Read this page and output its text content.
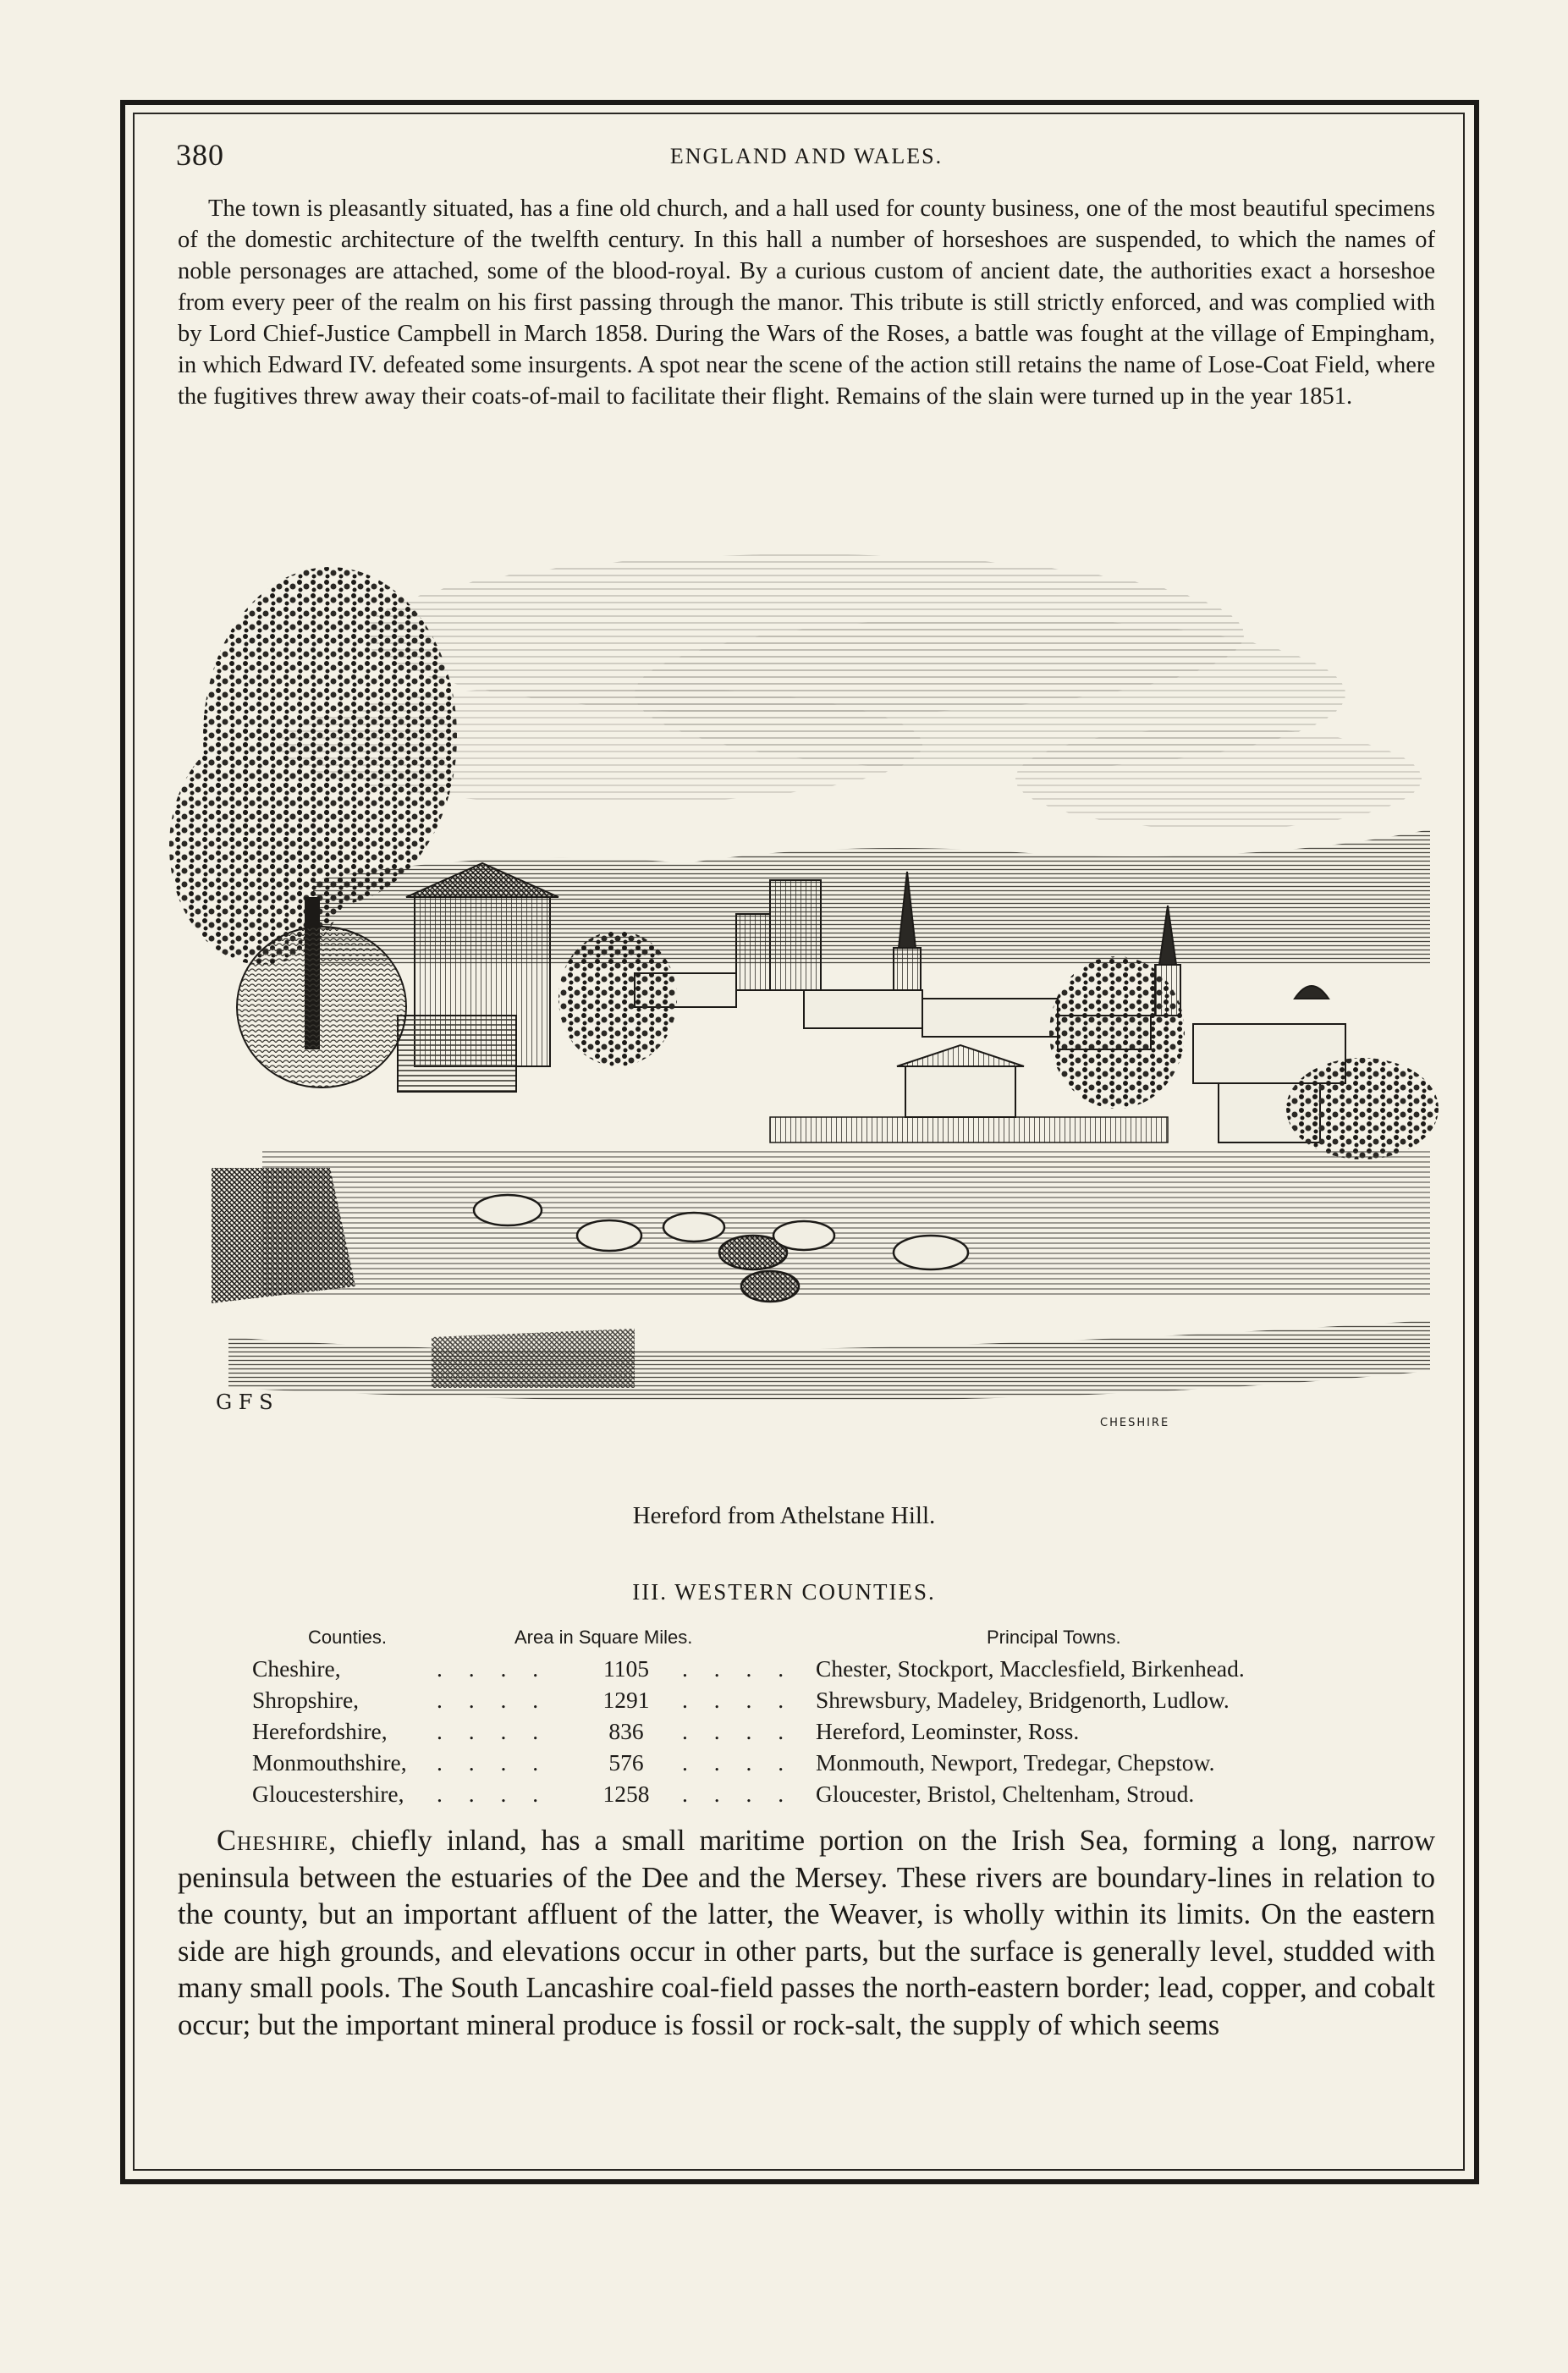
380	ENGLAND AND WALES.

The town is pleasantly situated, has a fine old church, and a hall used for county business, one of the most beautiful specimens of the domestic architecture of the twelfth century. In this hall a number of horseshoes are suspended, to which the names of noble personages are attached, some of the blood-royal. By a curious custom of ancient date, the authorities exact a horseshoe from every peer of the realm on his first passing through the manor. This tribute is still strictly enforced, and was complied with by Lord Chief-Justice Campbell in March 1858. During the Wars of the Roses, a battle was fought at the village of Empingham, in which Edward IV. defeated some insurgents. A spot near the scene of the action still retains the name of Lose-Coat Field, where the fugitives threw away their coats-of-mail to facilitate their flight. Remains of the slain were turned up in the year 1851.

G F S
CHESHIRE
Hereford from Athelstane Hill.
III. WESTERN COUNTIES.
Counties.	Area in Square Miles.	Principal Towns.
Cheshire,	. . . .	1105	. . . . Chester, Stockport, Macclesfield, Birkenhead.
Shropshire,	. . . .	1291	. . . . Shrewsbury, Madeley, Bridgenorth, Ludlow.
Herefordshire, . . . .	836	. . . . Hereford, Leominster, Ross.
Monmouthshire, . . . .	576	. . . . Monmouth, Newport, Tredegar, Chepstow.
Gloucestershire, . . . .	1258	. . . . Gloucester, Bristol, Cheltenham, Stroud.

Cheshire, chiefly inland, has a small maritime portion on the Irish Sea, forming a long, narrow peninsula between the estuaries of the Dee and the Mersey. These rivers are boundary-lines in relation to the county, but an important affluent of the latter, the Weaver, is wholly within its limits. On the eastern side are high grounds, and elevations occur in other parts, but the surface is generally level, studded with many small pools. The South Lancashire coal-field passes the north-eastern border; lead, copper, and cobalt occur; but the important mineral produce is fossil or rock-salt, the supply of which seems
